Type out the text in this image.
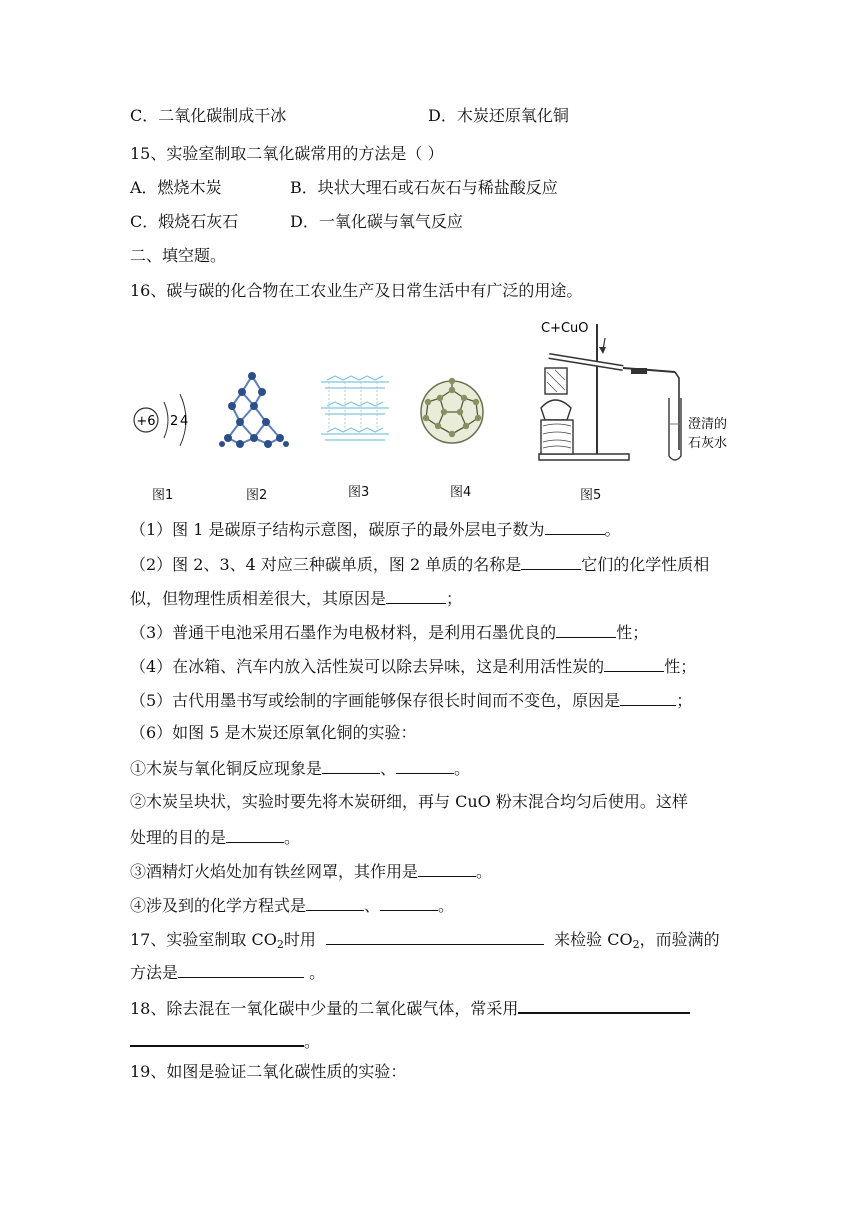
C．二氧化碳制成干冰	D．木炭还原氧化铜
15、实验室制取二氧化碳常用的方法是（ ）
A．燃烧木炭	B．块状大理石或石灰石与稀盐酸反应
C．煅烧石灰石	D．一氧化碳与氧气反应
二、填空题。
16、碳与碳的化合物在工农业生产及日常生活中有广泛的用途。
+6 2 4
C+CuO
澄清的
石灰水
图1	图2	图3	图4	图5
（1）图 1 是碳原子结构示意图，碳原子的最外层电子数为	。
（2）图 2、3、4 对应三种碳单质，图 2 单质的名称是	它们的化学性质相
似，但物理性质相差很大，其原因是	；
（3）普通干电池采用石墨作为电极材料，是利用石墨优良的	性；
（4）在冰箱、汽车内放入活性炭可以除去异味，这是利用活性炭的	性；
（5）古代用墨书写或绘制的字画能够保存很长时间而不变色，原因是	；
（6）如图 5 是木炭还原氧化铜的实验：
①木炭与氧化铜反应现象是	、	。
②木炭呈块状，实验时要先将木炭研细，再与 CuO 粉末混合均匀后使用。这样
处理的目的是	。
③酒精灯火焰处加有铁丝网罩，其作用是	。
④涉及到的化学方程式是	、	。
17、实验室制取 $CO_2$时用	来检验 $CO_2$，而验满的
方法是	。
18、除去混在一氧化碳中少量的二氧化碳气体，常采用
。
19、如图是验证二氧化碳性质的实验：
